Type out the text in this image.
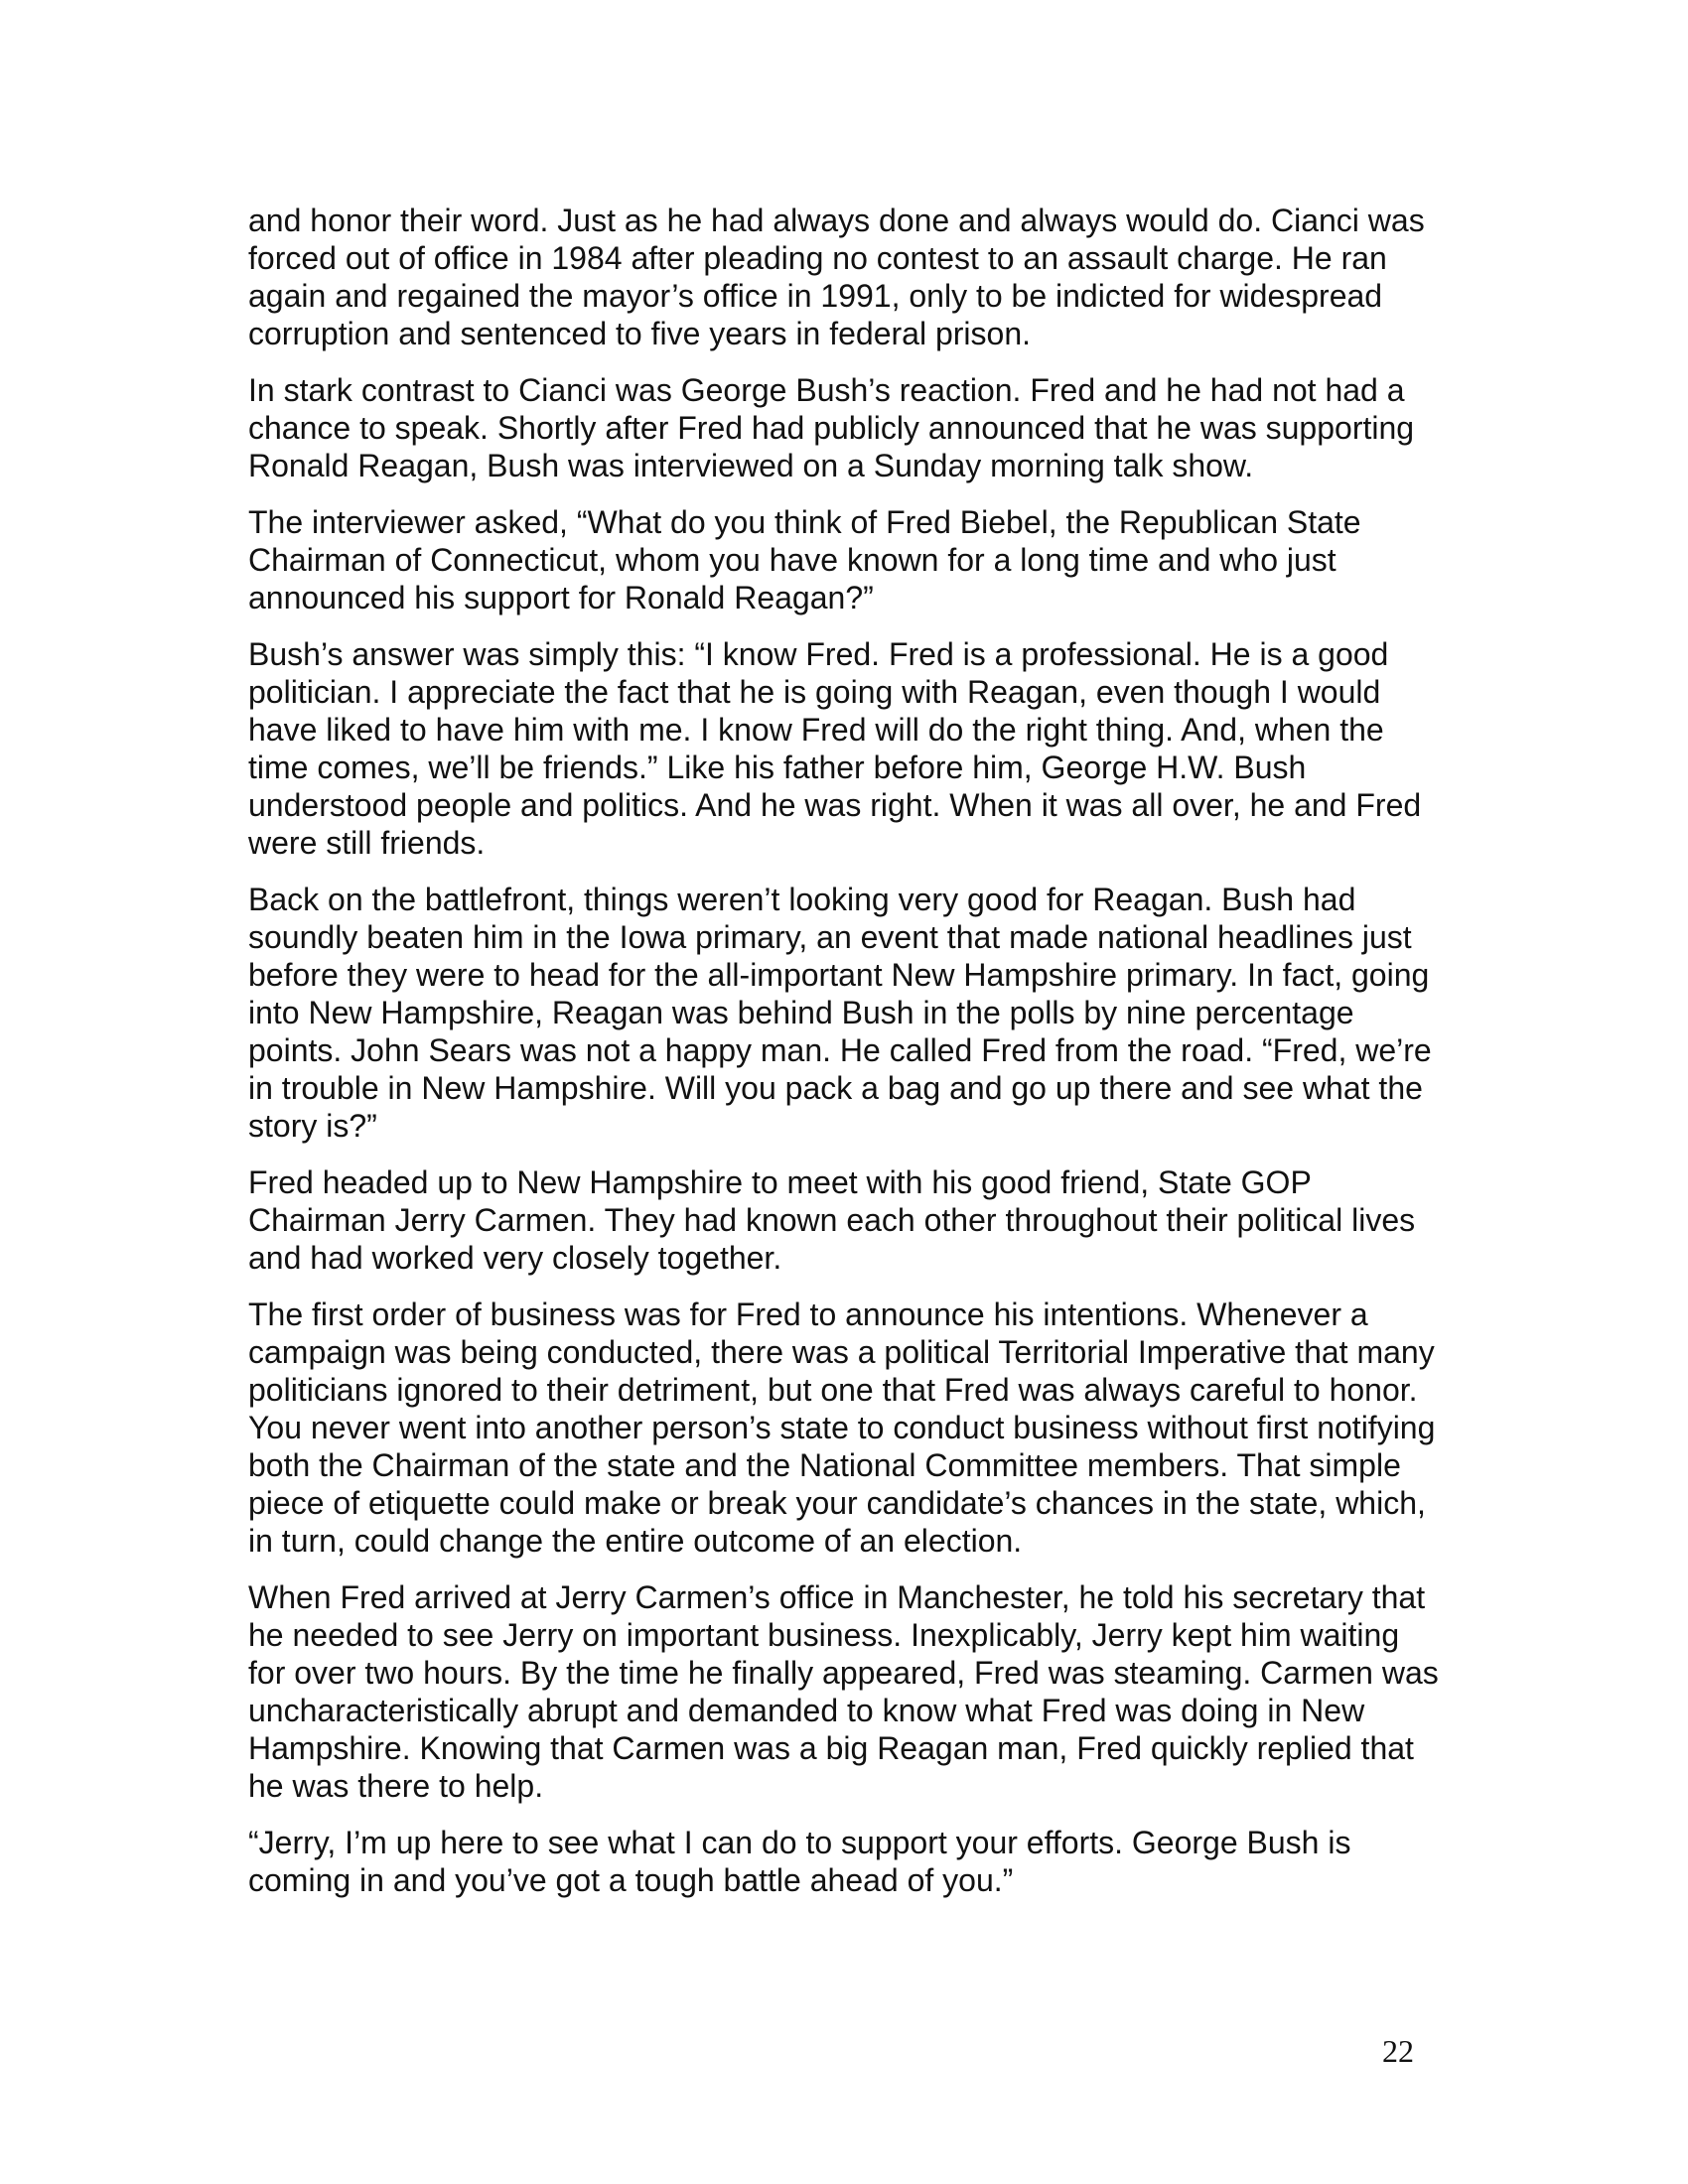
and honor their word. Just as he had always done and always would do. Cianci was forced out of office in 1984 after pleading no contest to an assault charge. He ran again and regained the mayor’s office in 1991, only to be indicted for widespread corruption and sentenced to five years in federal prison.

In stark contrast to Cianci was George Bush’s reaction. Fred and he had not had a chance to speak. Shortly after Fred had publicly announced that he was supporting Ronald Reagan, Bush was interviewed on a Sunday morning talk show.

The interviewer asked, “What do you think of Fred Biebel, the Republican State Chairman of Connecticut, whom you have known for a long time and who just announced his support for Ronald Reagan?”

Bush’s answer was simply this: “I know Fred. Fred is a professional. He is a good politician. I appreciate the fact that he is going with Reagan, even though I would have liked to have him with me. I know Fred will do the right thing. And, when the time comes, we’ll be friends.” Like his father before him, George H.W. Bush understood people and politics. And he was right. When it was all over, he and Fred were still friends.

Back on the battlefront, things weren’t looking very good for Reagan. Bush had soundly beaten him in the Iowa primary, an event that made national headlines just before they were to head for the all-important New Hampshire primary. In fact, going into New Hampshire, Reagan was behind Bush in the polls by nine percentage points. John Sears was not a happy man. He called Fred from the road. “Fred, we’re in trouble in New Hampshire. Will you pack a bag and go up there and see what the story is?”

Fred headed up to New Hampshire to meet with his good friend, State GOP Chairman Jerry Carmen. They had known each other throughout their political lives and had worked very closely together.

The first order of business was for Fred to announce his intentions. Whenever a campaign was being conducted, there was a political Territorial Imperative that many politicians ignored to their detriment, but one that Fred was always careful to honor. You never went into another person’s state to conduct business without first notifying both the Chairman of the state and the National Committee members. That simple piece of etiquette could make or break your candidate’s chances in the state, which, in turn, could change the entire outcome of an election.

When Fred arrived at Jerry Carmen’s office in Manchester, he told his secretary that he needed to see Jerry on important business. Inexplicably, Jerry kept him waiting for over two hours. By the time he finally appeared, Fred was steaming. Carmen was uncharacteristically abrupt and demanded to know what Fred was doing in New Hampshire. Knowing that Carmen was a big Reagan man, Fred quickly replied that he was there to help.

“Jerry, I’m up here to see what I can do to support your efforts. George Bush is coming in and you’ve got a tough battle ahead of you.”

22
